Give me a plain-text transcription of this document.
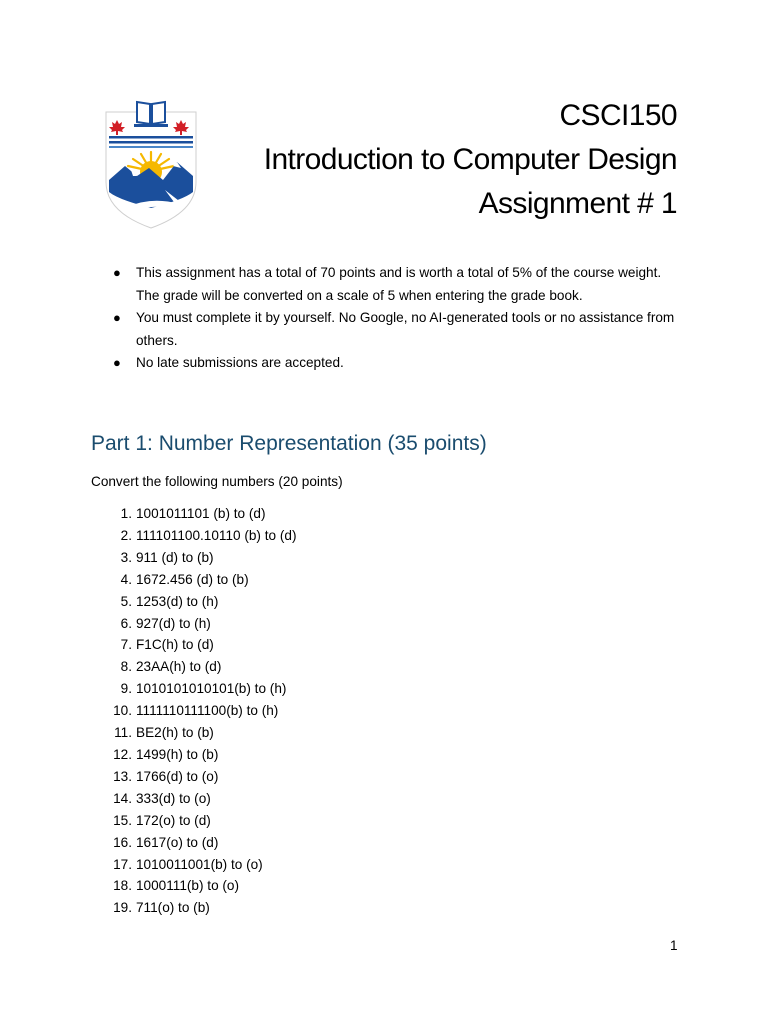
CSCI150
Introduction to Computer Design
Assignment # 1
● This assignment has a total of 70 points and is worth a total of 5% of the course weight. The grade will be converted on a scale of 5 when entering the grade book.
● You must complete it by yourself. No Google, no AI-generated tools or no assistance from others.
● No late submissions are accepted.
Part 1: Number Representation (35 points)
Convert the following numbers (20 points)
1. 1001011101 (b) to (d)
2. 111101100.10110 (b) to (d)
3. 911 (d) to (b)
4. 1672.456 (d) to (b)
5. 1253(d) to (h)
6. 927(d) to (h)
7. F1C(h) to (d)
8. 23AA(h) to (d)
9. 1010101010101(b) to (h)
10. 1111110111100(b) to (h)
11. BE2(h) to (b)
12. 1499(h) to (b)
13. 1766(d) to (o)
14. 333(d) to (o)
15. 172(o) to (d)
16. 1617(o) to (d)
17. 1010011001(b) to (o)
18. 1000111(b) to (o)
19. 711(o) to (b)
1
